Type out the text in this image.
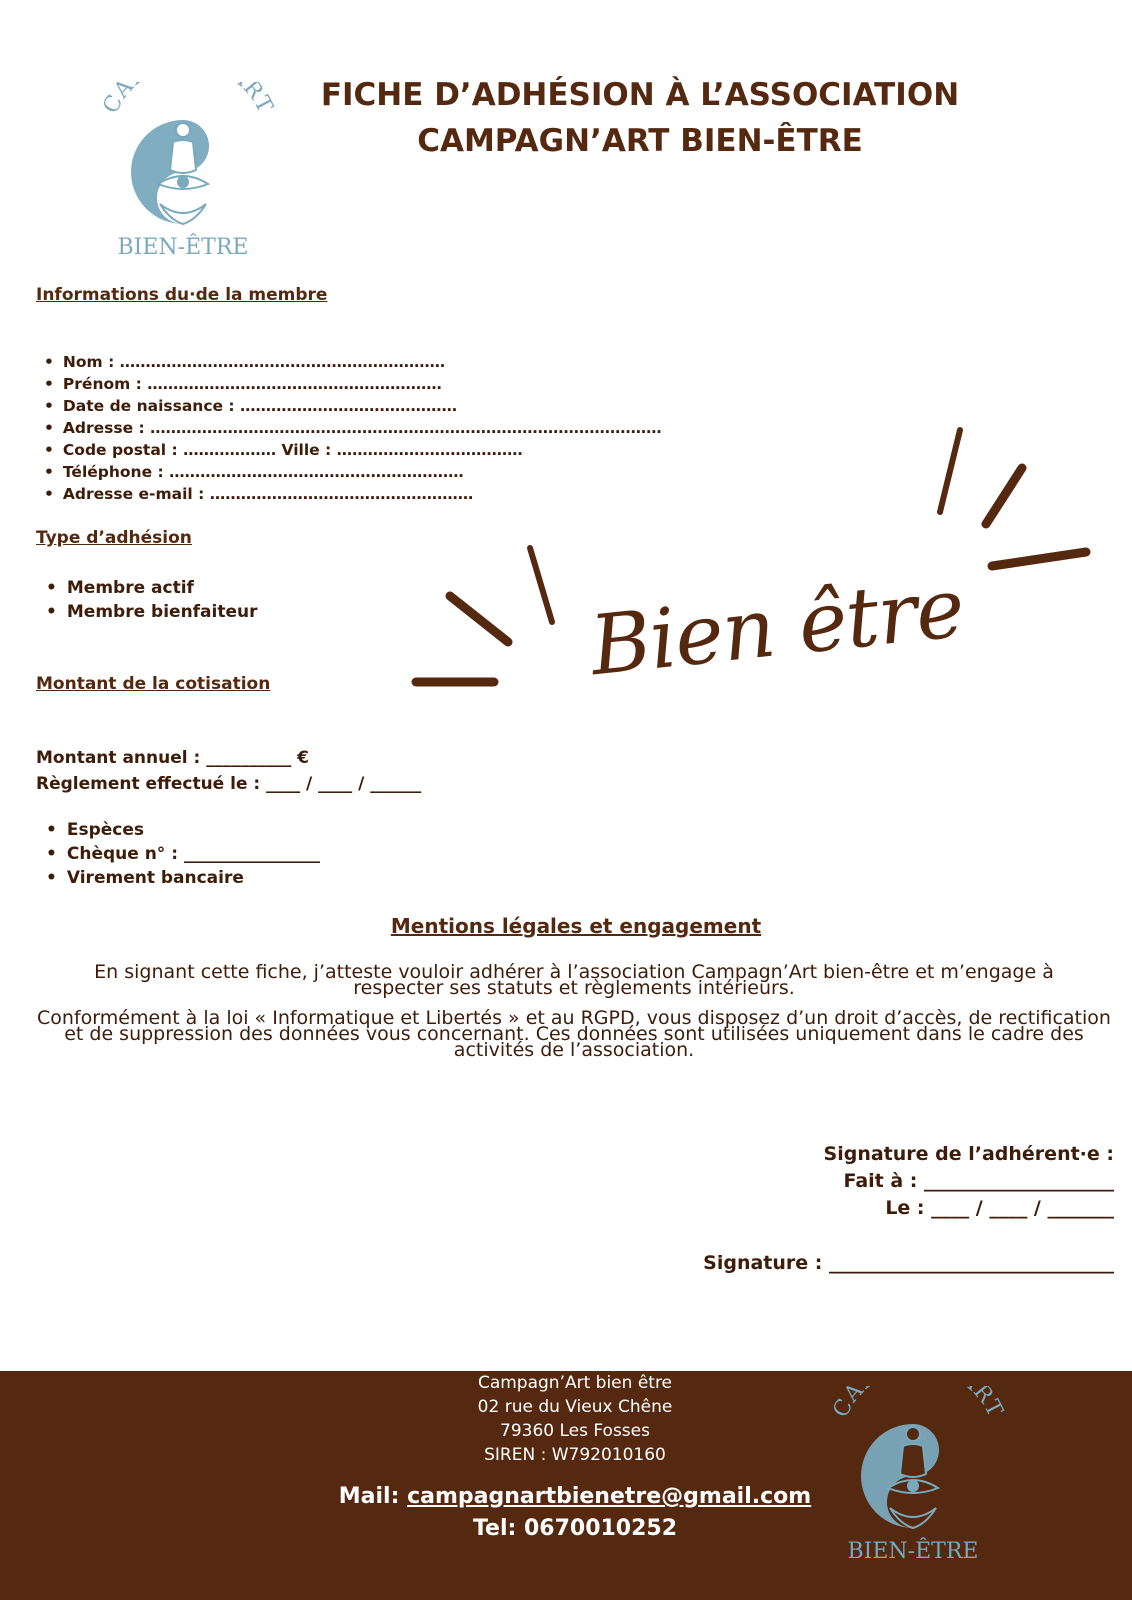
CA RT
BIEN-ÊTRE
FICHE D’ADHÉSION À L’ASSOCIATION
CAMPAGN’ART BIEN-ÊTRE
Informations du·de la membre
• Nom : ………………………………………………………
• Prénom : …………………………………………………
• Date de naissance : ……………………………………
• Adresse : ………………………………………………………………………………………
• Code postal : ……………… Ville : ………………………………
• Téléphone : …………………………………………………
• Adresse e-mail : ……………………………………………
Type d’adhésion
• Membre actif
• Membre bienfaiteur	Bien être
Montant de la cotisation
Montant annuel : __________ €
Règlement effectué le : ____ / ____ / ______
• Espèces
• Chèque n° : ________________
• Virement bancaire
Mentions légales et engagement
En signant cette fiche, j’atteste vouloir adhérer à l’association Campagn’Art bien-être et m’engage à respecter ses statuts et règlements intérieurs.
Conformément à la loi « Informatique et Libertés » et au RGPD, vous disposez d’un droit d’accès, de rectification et de suppression des données vous concernant. Ces données sont utilisées uniquement dans le cadre des activités de l’association.
Signature de l’adhérent·e :
Fait à : ____________________
Le : ____ / ____ / _______
Signature : ______________________________
Campagn’Art bien être
02 rue du Vieux Chêne
79360 Les Fosses
SIREN : W792010160
Mail: campagnartbienetre@gmail.com
Tel: 0670010252
CA RT
BIEN-ÊTRE
